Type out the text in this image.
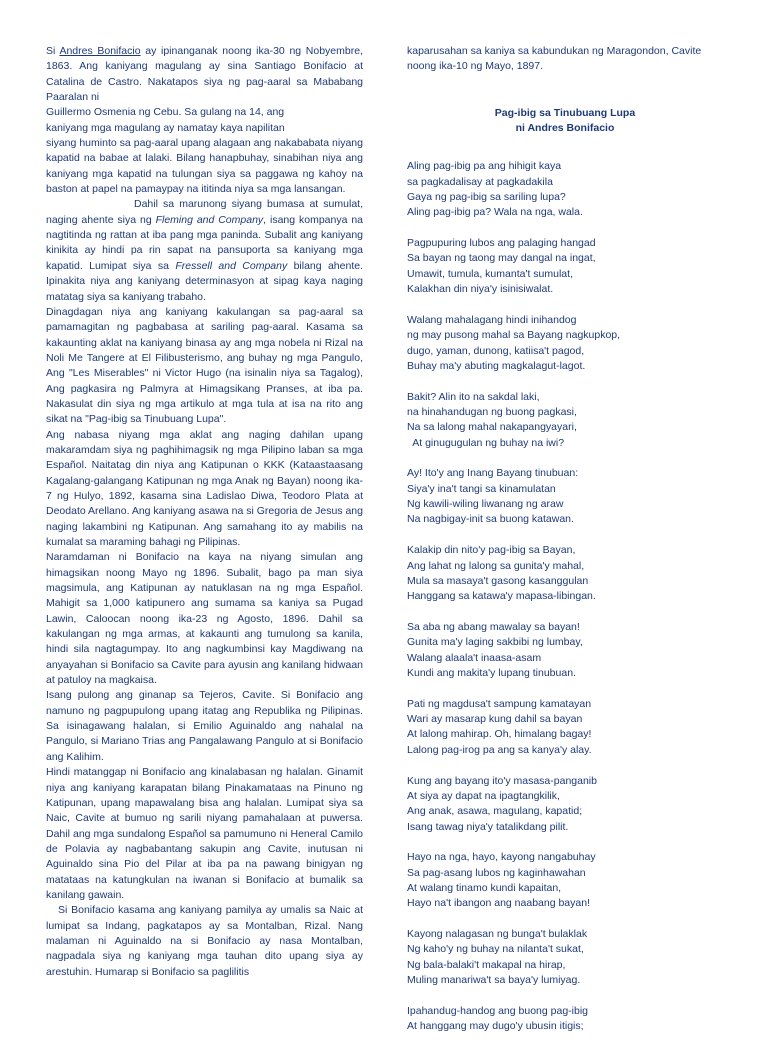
Si Andres Bonifacio ay ipinanganak noong ika-30 ng Nobyembre, 1863. Ang kaniyang magulang ay sina Santiago Bonifacio at Catalina de Castro. Nakatapos siya ng pag-aaral sa Mababang Paaralan ni

Guillermo Osmenia ng Cebu. Sa gulang na 14, ang

kaniyang mga magulang ay namatay kaya napilitan

siyang huminto sa pag-aaral upang alagaan ang nakababata niyang kapatid na babae at lalaki. Bilang hanapbuhay, sinabihan niya ang kaniyang mga kapatid na tulungan siya sa paggawa ng kahoy na baston at papel na pamaypay na ititinda niya sa mga lansangan.

Dahil sa marunong siyang bumasa at sumulat, naging ahente siya ng Fleming and Company, isang kompanya na nagtitinda ng rattan at iba pang mga paninda. Subalit ang kaniyang kinikita ay hindi pa rin sapat na pansuporta sa kaniyang mga kapatid. Lumipat siya sa Fressell and Company bilang ahente. Ipinakita niya ang kaniyang determinasyon at sipag kaya naging matatag siya sa kaniyang trabaho.

Dinagdagan niya ang kaniyang kakulangan sa pag-aaral sa pamamagitan ng pagbabasa at sariling pag-aaral. Kasama sa kakaunting aklat na kaniyang binasa ay ang mga nobela ni Rizal na Noli Me Tangere at El Filibusterismo, ang buhay ng mga Pangulo, Ang "Les Miserables" ni Victor Hugo (na isinalin niya sa Tagalog), Ang pagkasira ng Palmyra at Himagsikang Pranses, at iba pa. Nakasulat din siya ng mga artikulo at mga tula at isa na rito ang sikat na "Pag-ibig sa Tinubuang Lupa".

Ang nabasa niyang mga aklat ang naging dahilan upang makaramdam siya ng paghihimagsik ng mga Pilipino laban sa mga Español. Naitatag din niya ang Katipunan o KKK (Kataastaasang Kagalang-galangang Katipunan ng mga Anak ng Bayan) noong ika-7 ng Hulyo, 1892, kasama sina Ladislao Diwa, Teodoro Plata at Deodato Arellano. Ang kaniyang asawa na si Gregoria de Jesus ang naging lakambini ng Katipunan. Ang samahang ito ay mabilis na kumalat sa maraming bahagi ng Pilipinas.

Naramdaman ni Bonifacio na kaya na niyang simulan ang himagsikan noong Mayo ng 1896. Subalit, bago pa man siya magsimula, ang Katipunan ay natuklasan na ng mga Español. Mahigit sa 1,000 katipunero ang sumama sa kaniya sa Pugad Lawin, Caloocan noong ika-23 ng Agosto, 1896. Dahil sa kakulangan ng mga armas, at kakaunti ang tumulong sa kanila, hindi sila nagtagumpay. Ito ang nagkumbinsi kay Magdiwang na anyayahan si Bonifacio sa Cavite para ayusin ang kanilang hidwaan at patuloy na magkaisa.

Isang pulong ang ginanap sa Tejeros, Cavite. Si Bonifacio ang namuno ng pagpupulong upang itatag ang Republika ng Pilipinas. Sa isinagawang halalan, si Emilio Aguinaldo ang nahalal na Pangulo, si Mariano Trias ang Pangalawang Pangulo at si Bonifacio ang Kalihim.

Hindi matanggap ni Bonifacio ang kinalabasan ng halalan. Ginamit niya ang kaniyang karapatan bilang Pinakamataas na Pinuno ng Katipunan, upang mapawalang bisa ang halalan. Lumipat siya sa Naic, Cavite at bumuo ng sarili niyang pamahalaan at puwersa. Dahil ang mga sundalong Español sa pamumuno ni Heneral Camilo de Polavia ay nagbabantang sakupin ang Cavite, inutusan ni Aguinaldo sina Pio del Pilar at iba pa na pawang binigyan ng matataas na katungkulan na iwanan si Bonifacio at bumalik sa kanilang gawain.

Si Bonifacio kasama ang kaniyang pamilya ay umalis sa Naic at lumipat sa Indang, pagkatapos ay sa Montalban, Rizal. Nang malaman ni Aguinaldo na si Bonifacio ay nasa Montalban, nagpadala siya ng kaniyang mga tauhan dito upang siya ay arestuhin. Humarap si Bonifacio sa paglilitis

kaparusahan sa kaniya sa kabundukan ng Maragondon, Cavite noong ika-10 ng Mayo, 1897.

Pag-ibig sa Tinubuang Lupa

ni Andres Bonifacio

Aling pag-ibig pa ang hihigit kaya
sa pagkadalisay at pagkadakila
Gaya ng pag-ibig sa sariling lupa?
Aling pag-ibig pa? Wala na nga, wala.
Pagpupuring lubos ang palaging hangad
Sa bayan ng taong may dangal na ingat,
Umawit, tumula, kumanta't sumulat,
Kalakhan din niya'y isinisiwalat.
Walang mahalagang hindi inihandog
ng may pusong mahal sa Bayang nagkupkop,
dugo, yaman, dunong, katiisa't pagod,
Buhay ma'y abuting magkalagut-lagot.
Bakit? Alin ito na sakdal laki,
na hinahandugan ng buong pagkasi,
Na sa lalong mahal nakapangyayari,
At ginugugulan ng buhay na iwi?
Ay! Ito'y ang Inang Bayang tinubuan:
Siya'y ina't tangi sa kinamulatan
Ng kawili-wiling liwanang ng araw
Na nagbigay-init sa buong katawan.
Kalakip din nito'y pag-ibig sa Bayan,
Ang lahat ng lalong sa gunita'y mahal,
Mula sa masaya't gasong kasanggulan
Hanggang sa katawa'y mapasa-libingan.
Sa aba ng abang mawalay sa bayan!
Gunita ma'y laging sakbibi ng lumbay,
Walang alaala't inaasa-asam
Kundi ang makita'y lupang tinubuan.
Pati ng magdusa't sampung kamatayan
Wari ay masarap kung dahil sa bayan
At lalong mahirap. Oh, himalang bagay!
Lalong pag-irog pa ang sa kanya'y alay.
Kung ang bayang ito'y masasa-panganib
At siya ay dapat na ipagtangkilik,
Ang anak, asawa, magulang, kapatid;
Isang tawag niya'y tatalikdang pilit.
Hayo na nga, hayo, kayong nangabuhay
Sa pag-asang lubos ng kaginhawahan
At walang tinamo kundi kapaitan,
Hayo na't ibangon ang naabang bayan!
Kayong nalagasan ng bunga't bulaklak
Ng kaho'y ng buhay na nilanta't sukat,
Ng bala-balaki't makapal na hirap,
Muling manariwa't sa baya'y lumiyag.
Ipahandug-handog ang buong pag-ibig
At hanggang may dugo'y ubusin itigis;
